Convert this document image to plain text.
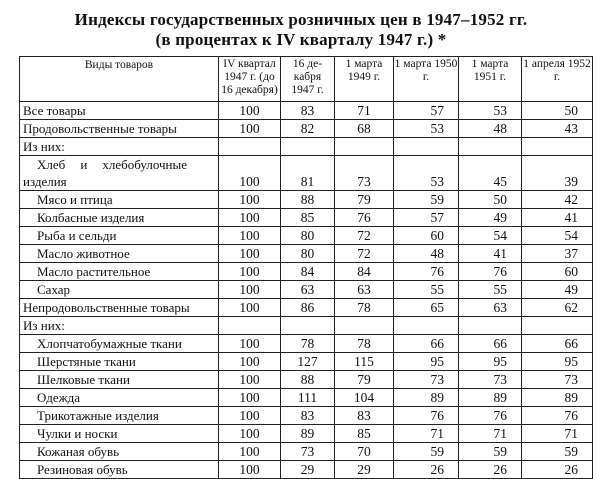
Индексы государственных розничных цен в 1947–1952 гг.
(в процентах к IV кварталу 1947 г.) *
Виды товаров	IV квартал 1947 г. (до 16 декабря)	16 де-кабря 1947 г.	1 марта 1949 г.	1 марта 1950 г.	1 марта 1951 г.	1 апреля 1952 г.
Все товары	100	83	71	57	53	50
Продовольственные товары	100	82	68	53	48	43
Из них:						

Хлеб и хлебобулочные
изделия	100	81	73	53	45	39
Мясо и птица	100	88	79	59	50	42
Колбасные изделия	100	85	76	57	49	41
Рыба и сельди	100	80	72	60	54	54
Масло животное	100	80	72	48	41	37
Масло растительное	100	84	84	76	76	60
Сахар	100	63	63	55	55	49
Непродовольственные товары	100	86	78	65	63	62
Из них:						
Хлопчатобумажные ткани	100	78	78	66	66	66
Шерстяные ткани	100	127	115	95	95	95
Шелковые ткани	100	88	79	73	73	73
Одежда	100	111	104	89	89	89
Трикотажные изделия	100	83	83	76	76	76
Чулки и носки	100	89	85	71	71	71
Кожаная обувь	100	73	70	59	59	59
Резиновая обувь	100	29	29	26	26	26
